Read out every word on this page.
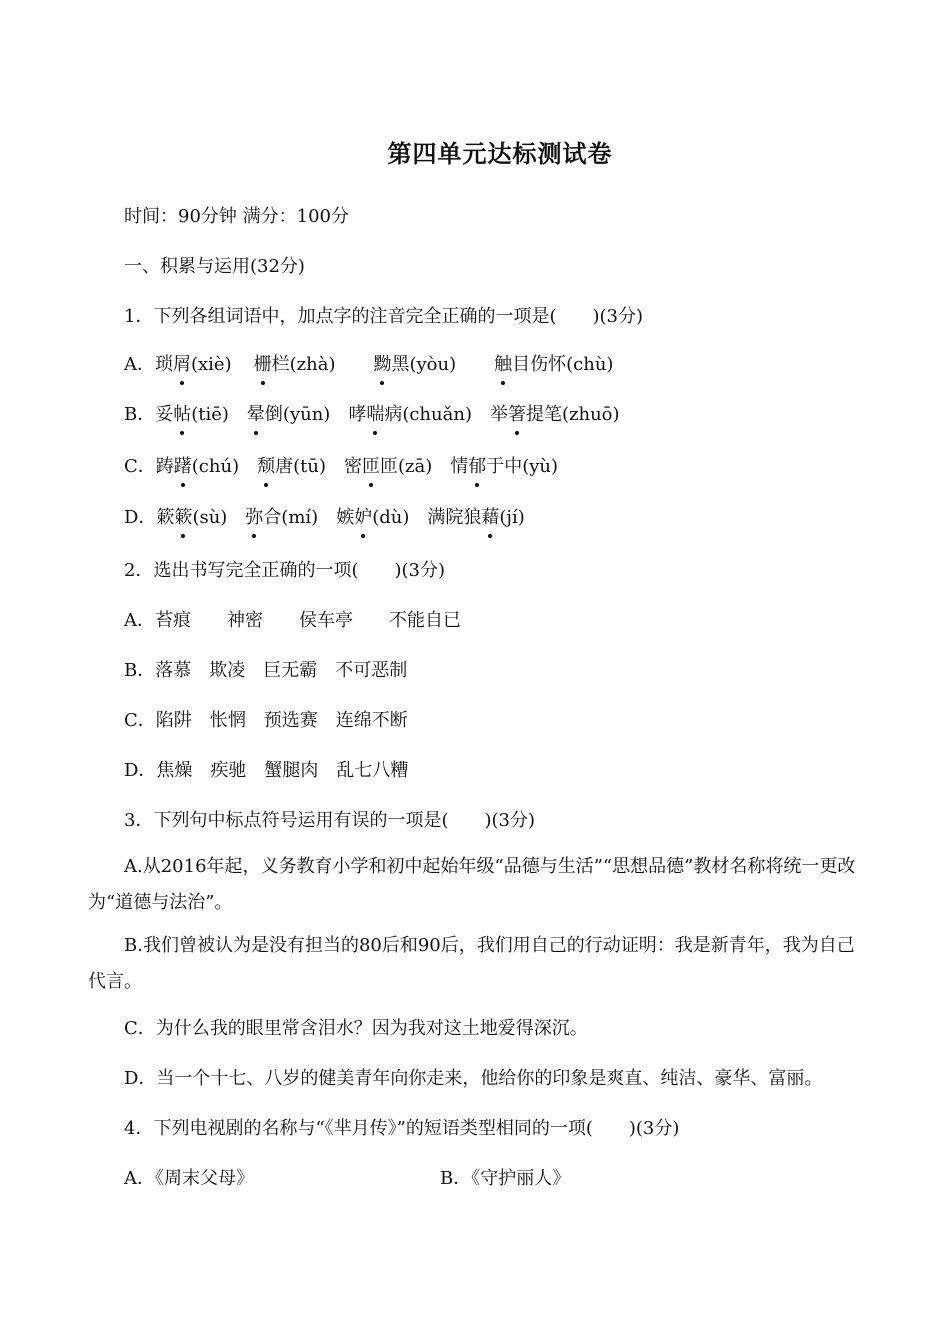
第四单元达标测试卷
时间：90分钟 满分：100分
一、积累与运用(32分)
1．下列各组词语中，加点字的注音完全正确的一项是( )(3分)
A．琐屑(xiè) 栅栏(zhà) 黝黑(yòu) 触目伤怀(chù)
B．妥帖(tiē) 晕倒(yūn) 哮喘病(chuǎn) 举箸提笔(zhuō)
C．踌躇(chú) 颓唐(tū) 密匝匝(zā) 情郁于中(yù)
D．簌簌(sù) 弥合(mí) 嫉妒(dù) 满院狼藉(jí)
2．选出书写完全正确的一项( )(3分)
A．苔痕　　神密　　侯车亭　　不能自已
B．落慕　欺凌　巨无霸　不可恶制
C．陷阱　怅惘　预选赛　连绵不断
D．焦燥　疾驰　蟹腿肉　乱七八糟
3．下列句中标点符号运用有误的一项是( )(3分)
A.从2016年起，义务教育小学和初中起始年级“品德与生活”“思想品德”教材名称将统一更改为“道德与法治”。
B.我们曾被认为是没有担当的80后和90后，我们用自己的行动证明：我是新青年，我为自己代言。
C．为什么我的眼里常含泪水？因为我对这土地爱得深沉。
D．当一个十七、八岁的健美青年向你走来，他给你的印象是爽直、纯洁、豪华、富丽。
4．下列电视剧的名称与“《芈月传》”的短语类型相同的一项( )(3分)
A．《周末父母》	B．《守护丽人》
